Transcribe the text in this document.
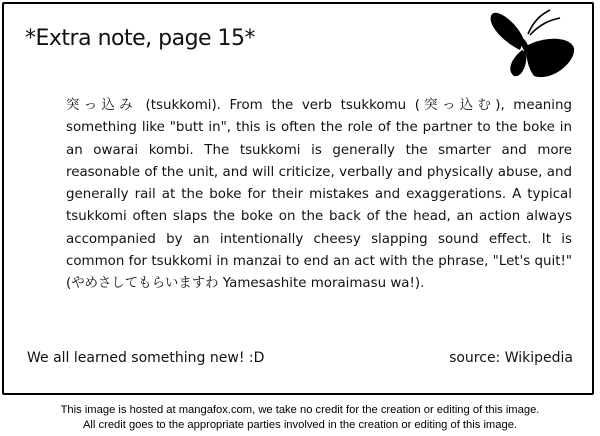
*Extra note, page 15*

突っ込み (tsukkomi). From the verb tsukkomu (突っ込む), meaning something like "butt in", this is often the role of the partner to the boke in an owarai kombi. The tsukkomi is generally the smarter and more reasonable of the unit, and will criticize, verbally and physically abuse, and generally rail at the boke for their mistakes and exaggerations. A typical tsukkomi often slaps the boke on the back of the head, an action always accompanied by an intentionally cheesy slapping sound effect. It is common for tsukkomi in manzai to end an act with the phrase, "Let's quit!" (やめさしてもらいますわ Yamesashite moraimasu wa!).

We all learned something new! :D	source: Wikipedia
This image is hosted at mangafox.com, we take no credit for the creation or editing of this image.
All credit goes to the appropriate parties involved in the creation or editing of this image.
